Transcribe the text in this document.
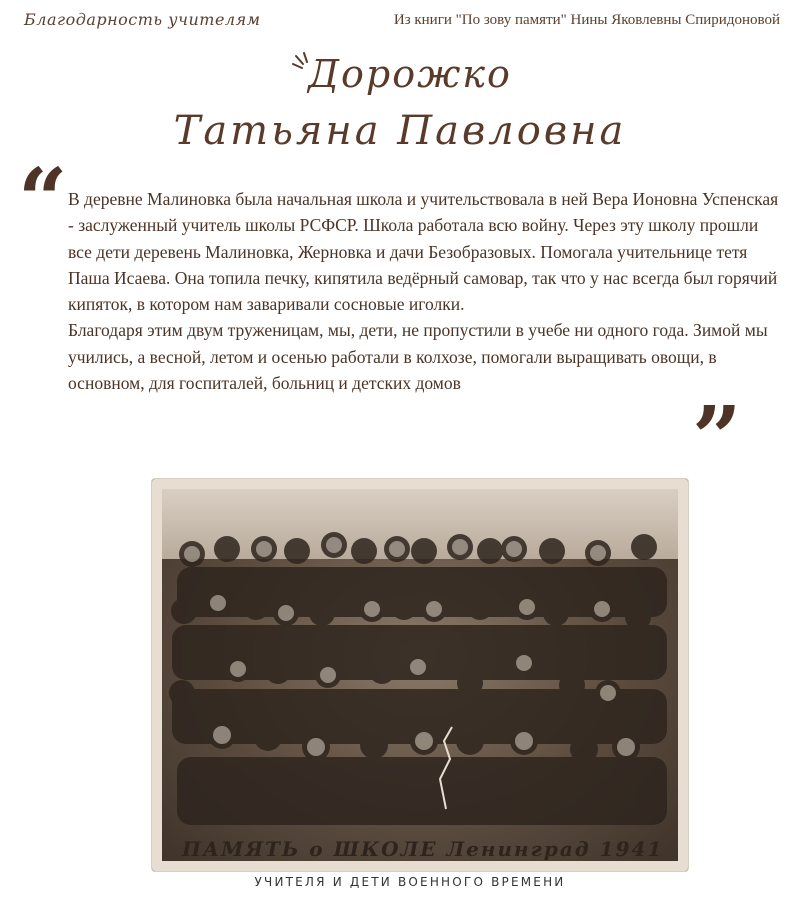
Благодарность учителям	Из книги "По зову памяти" Нины Яковлевны Спиридоновой
Дорожко
Татьяна Павловна
“ В деревне Малиновка была начальная школа и учительствовала в ней Вера Ионовна Успенская - заслуженный учитель школы РСФСР. Школа работала всю войну. Через эту школу прошли все дети деревень Малиновка, Жерновка и дачи Безобразовых. Помогала учительнице тетя Паша Исаева. Она топила печку, кипятила ведёрный самовар, так что у нас всегда был горячий кипяток, в котором нам заваривали сосновые иголки.

Благодаря этим двум труженицам, мы, дети, не пропустили в учебе ни одного года. Зимой мы учились, а весной, летом и осенью работали в колхозе, помогали выращивать овощи, в основном, для госпиталей, больниц и детских домов

”
ПАМЯТЬ о ШКОЛЕ Ленинград 1941
УЧИТЕЛЯ И ДЕТИ ВОЕННОГО ВРЕМЕНИ
